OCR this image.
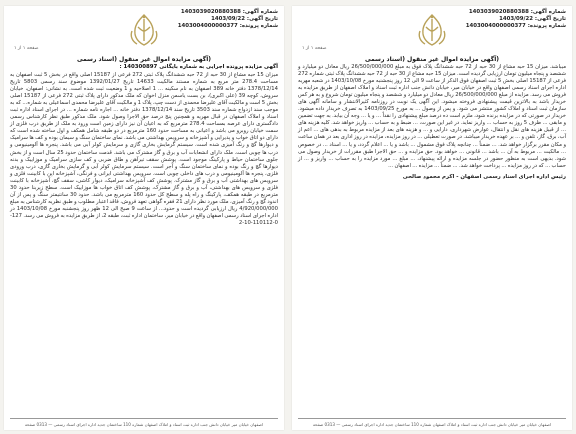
شماره آگهی: 1403039020880388
تاریخ آگهی: 1403/09/22
شماره پرونده: 1403004000000377
صفحه ۱ از ۱
(آگهی مزایده اموال غیر منقول (اسناد رسمی
آگهی مزایده پرونده اجرایی به شماره بایگانی 140300897 :
میزان 15 حبه مشاع از 30 حبه از 72 حبه ششدانگ پلاک ثبتی 272 فرعی از 15187 اصلی واقع در بخش 5 ثبت اصفهان به مساحت 278.4 متر مربع به شماره مستند مالکیت 14633 تاریخ 1392/01/27 موضوع سند رسمی 5803 تاریخ 1378/12/14 دفتر خانه 389 اصفهان به نام سکینه ... 1 اصلاحیه و 1 وضعیت ثبت شده است. به نشانی: اصفهان، خیابان سروش، کوچه 39 (علی اکبری)، بن بست یاسمن منزل اخوان که ملک مذکور دارای پلاک ثبتی 272 فرعی از 15187 اصلی بخش 5 است و مالکیت آقای علیرضا محمدی از دست چپ، پلاک 1 و مالکیت آقای علیرضا محمدی اسماعیلی به شماره... که به موجب سند ازدواج شماره سند 3503 تاریخ سند 1378/12/14 دفتر خانه ... اجاره نامه شماره ... در اجرای اسناد اداره ثبت اسناد و املاک اصفهان در قبال مهریه و همچنین پنج درصد حق الاجرا وصول شود. ملک مذکور طبق نظر کارشناس رسمی دادگستری دارای عرصه بمساحت 278.4 مترمربع که به اعیان آن نیز دارای زمین است ورود به ملک از طریق درب فلزی از سمت خیابان روبرو می باشد و اعیانی به مساحت حدود 160 مترمربع در دو طبقه شامل همکف و اول ساخته شده است که دارای دو اتاق خواب و پذیرایی و آشپزخانه و سرویس بهداشتی می باشد. نمای ساختمان سنگ و سیمان بوده و کف ها سرامیک و دیوارها گچ و رنگ آمیزی شده است. سیستم گرمایش بخاری گازی و سرمایش کولر آبی می باشد. پنجره ها آلومینیومی و درب ها چوبی است. ملک دارای انشعابات آب و برق و گاز مشترک می باشد. قدمت ساختمان حدود 25 سال است و از بخش جلوی ساختمان حیاط و پارکینگ موجود است. پوشش سقف تیرآهن و طاق ضربی و کف سازی سرامیک و موزاییک و بدنه دیوارها گچ و رنگ بوده و نمای ساختمان سنگ و آجر است. سیستم سرمایش کولر آبی و گرمایش بخاری گازی، درب ورودی فلزی، پنجره ها آلومینیومی و درب های داخلی چوبی است. سرویس بهداشتی ایرانی و فرنگی، آشپزخانه اپن با کابینت فلزی و سرویس های بهداشتی آب و برق و گاز مشترک. پوشش کف آشپزخانه سرامیک، دیوار کاشی، سقف گچ، آشپزخانه با کابینت فلزی و سرویس های بهداشتی، آب و برق و گاز مشترک، پوشش کف اتاق خواب ها موزاییک است. سطح زیربنا حدود 30 مترمربع در طبقه همکف، پارکینگ و راه پله و سطح کل حدود 160 مترمربع می باشد. حدود 30 سانتیمتر سنگ و پس از آن اندود گچ و رنگ آمیزی، ملک مورد نظر دارای 21 فقره گواهی تعهد فروش، فاقد اعتبار مطلوب و طبق نظریه کارشناس به مبلغ 4/920/000/000 ریال ارزیابی گردیده است و حدود... از ساعت 9 صبح الی 12 ظهر روز پنجشنبه مورخ 1403/10/08 در اداره اجرای اسناد رسمی اصفهان واقع در خیابان میر، ساختمان اداره ثبت، طبقه 2، از طریق مزایده به فروش می رسد. 127-0-110112-10-2
اصفهان خیابان میر خیابان دانش جنب اداره ثبت اسناد و املاک اصفهان شماره 110 ساختمان جدید اداره اجرای اسناد رسمی — 0313 صفحه
شماره آگهی: 1403039020880388
تاریخ آگهی: 1403/09/22
شماره پرونده: 1403004000000377
صفحه ۱ از ۱
(آگهی مزایده اموال غیر منقول (اسناد رسمی
میباشد. میزان 15 حبه مشاع از 30 حبه از 72 حبه ششدانگ پلاک فوق به مبلغ 26/500/000/000 ریال معادل دو میلیارد و ششصد و پنجاه میلیون تومان ارزیابی گردیده است. میزان 15 حبه مشاع از 30 حبه از 72 حبه ششدانگ پلاک ثبتی شماره 272 فرعی از 15187 اصلی بخش 5 ثبت اصفهان فوق الذکر از ساعت 9 الی 12 روز پنجشنبه مورخ 1403/10/08 در شعبه مهریه اداره اجرای اسناد رسمی اصفهان واقع در خیابان میر، خیابان دانش جنب اداره ثبت اسناد و املاک اصفهان از طریق مزایده به فروش می رسد. مزایده از مبلغ 26/500/000/000 ریال معادل دو میلیارد و ششصد و پنجاه میلیون تومان شروع و به هر کس خریدار باشد به بالاترین قیمت پیشنهادی فروخته میشود. این آگهی یک نوبت در روزنامه کثیرالانتشار و سامانه آگهی های سازمان ثبت اسناد و املاک کشور منتشر می شود. و پس از وصول ... به مورخ 1403/09/25 به تصرف خریدار داده میشود. خریدار در صورتی که در مزایده برنده شود، ملزم است ده درصد مبلغ پیشنهادی را نقداً ... و یا ... وجه آن بیابد. به جهت تضمین و مابقی ... ظرف 5 روز به حساب ... واریز نماید. در غیر این صورت، ... ضبط و به حساب ... واریز خواهد شد. کلیه هزینه های ... از قبیل هزینه های نقل و انتقال، عوارض شهرداری، دارایی و ... و هزینه های بعد از مزایده مربوط به بدهی های ... اعم از آب، برق، گاز، تلفن و ... بر عهده خریدار میباشد. در صورت تعطیلی ... در روز مزایده، مزایده در روز اداری بعد در همان ساعت و مکان مقرر برگزار خواهد شد. ... ضمناً ... چنانچه پلاک فوق مشمول ... باشد و یا ... اعلام گردد، و یا ... اسناد ... در خصوص ... مالکیت ... مربوط به آن ... باشد ... قانونی ... خواهد بود. حق مزایده و ... حق الاجرا طبق مقررات از خریدار وصول می شود. بدیهی است به منظور حضور در جلسه مزایده و ارائه پیشنهاد، ... مبلغ ... مورد مزایده را به حساب ... واریز و ... از حساب ... که در روز مزایده ... پرداخت خواهد شد. ... ضمناً ... مزایده ... اصفهان ...
رئیس اداره اجرای اسناد رسمی اصفهان - اکرم محمود صالحی
اصفهان خیابان میر خیابان دانش جنب اداره ثبت اسناد و املاک اصفهان شماره 110 ساختمان جدید اداره اجرای اسناد رسمی — 0313 صفحه
